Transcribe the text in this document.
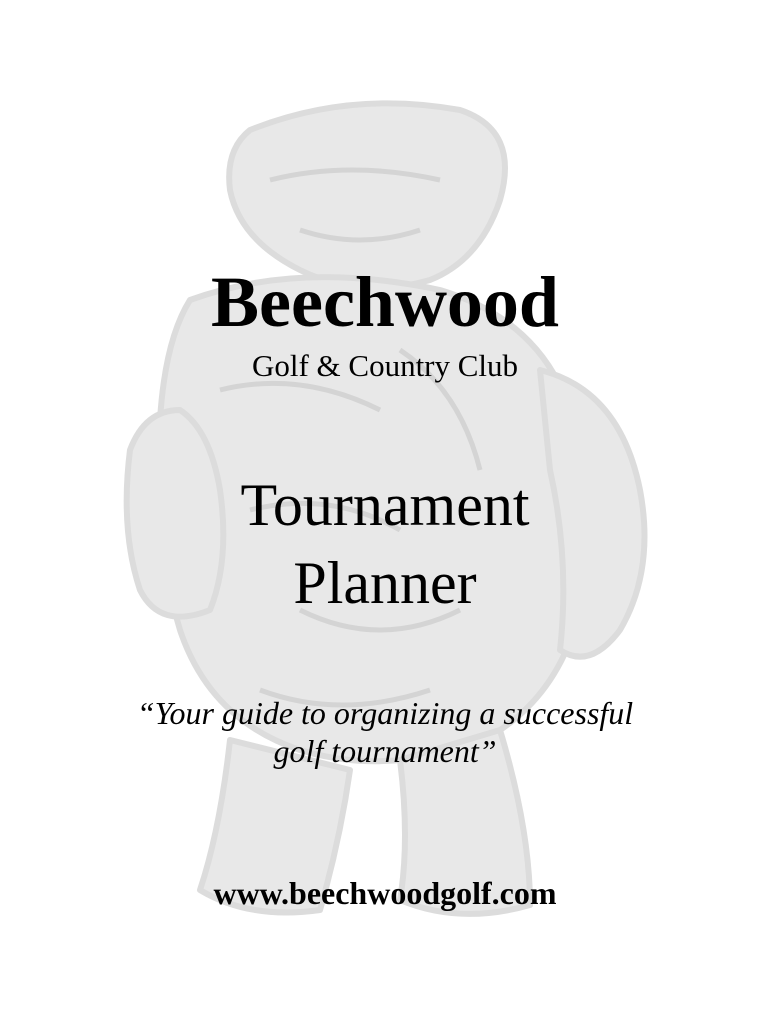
Beechwood
Golf & Country Club
Tournament
Planner
“Your guide to organizing a successful
golf tournament”
www.beechwoodgolf.com
